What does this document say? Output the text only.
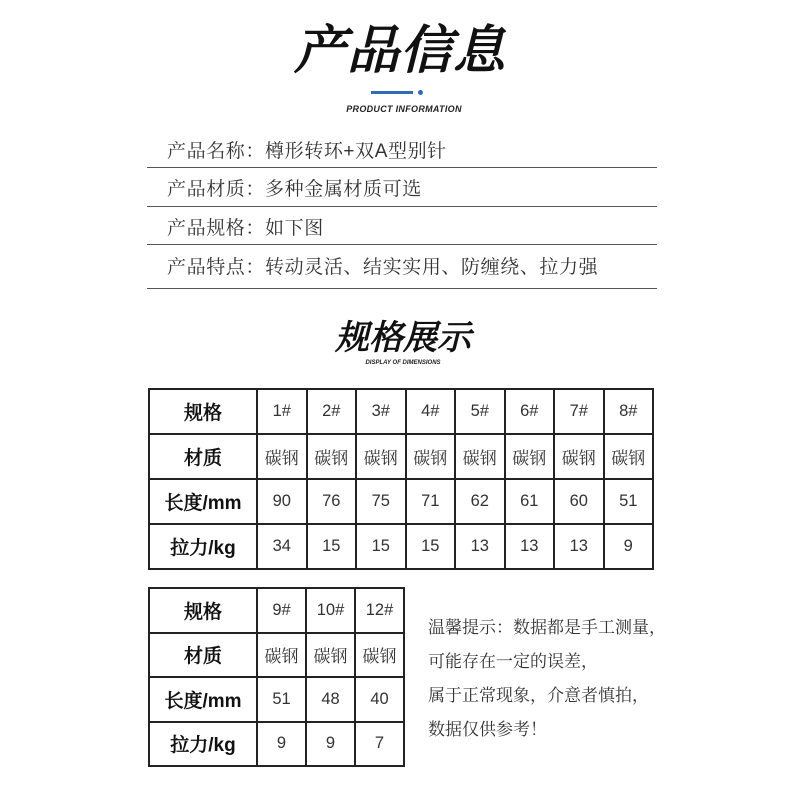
产品信息
PRODUCT INFORMATION
产品名称：樽形转环+双A型别针
产品材质：多种金属材质可选
产品规格：如下图
产品特点：转动灵活、结实实用、防缠绕、拉力强
规格展示
DISPLAY OF DIMENSIONS
规格	1#	2#	3#	4#	5#	6#	7#	8#
材质	碳钢	碳钢	碳钢	碳钢	碳钢	碳钢	碳钢	碳钢
长度/mm	90	76	75	71	62	61	60	51
拉力/kg	34	15	15	15	13	13	13	9
规格	9#	10#	12#
材质	碳钢	碳钢	碳钢
长度/mm	51	48	40
拉力/kg	9	9	7
温馨提示：数据都是手工测量，
可能存在一定的误差，
属于正常现象，介意者慎拍，
数据仅供参考！
